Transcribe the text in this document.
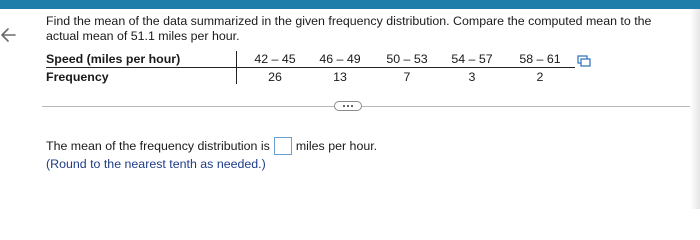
Find the mean of the data summarized in the given frequency distribution. Compare the computed mean to the actual mean of 51.1 miles per hour.
Speed (miles per hour)		42 – 45	46 – 49	50 – 53	54 – 57	58 – 61
Frequency		26	13	7	3	2
The mean of the frequency distribution is miles per hour.
(Round to the nearest tenth as needed.)
